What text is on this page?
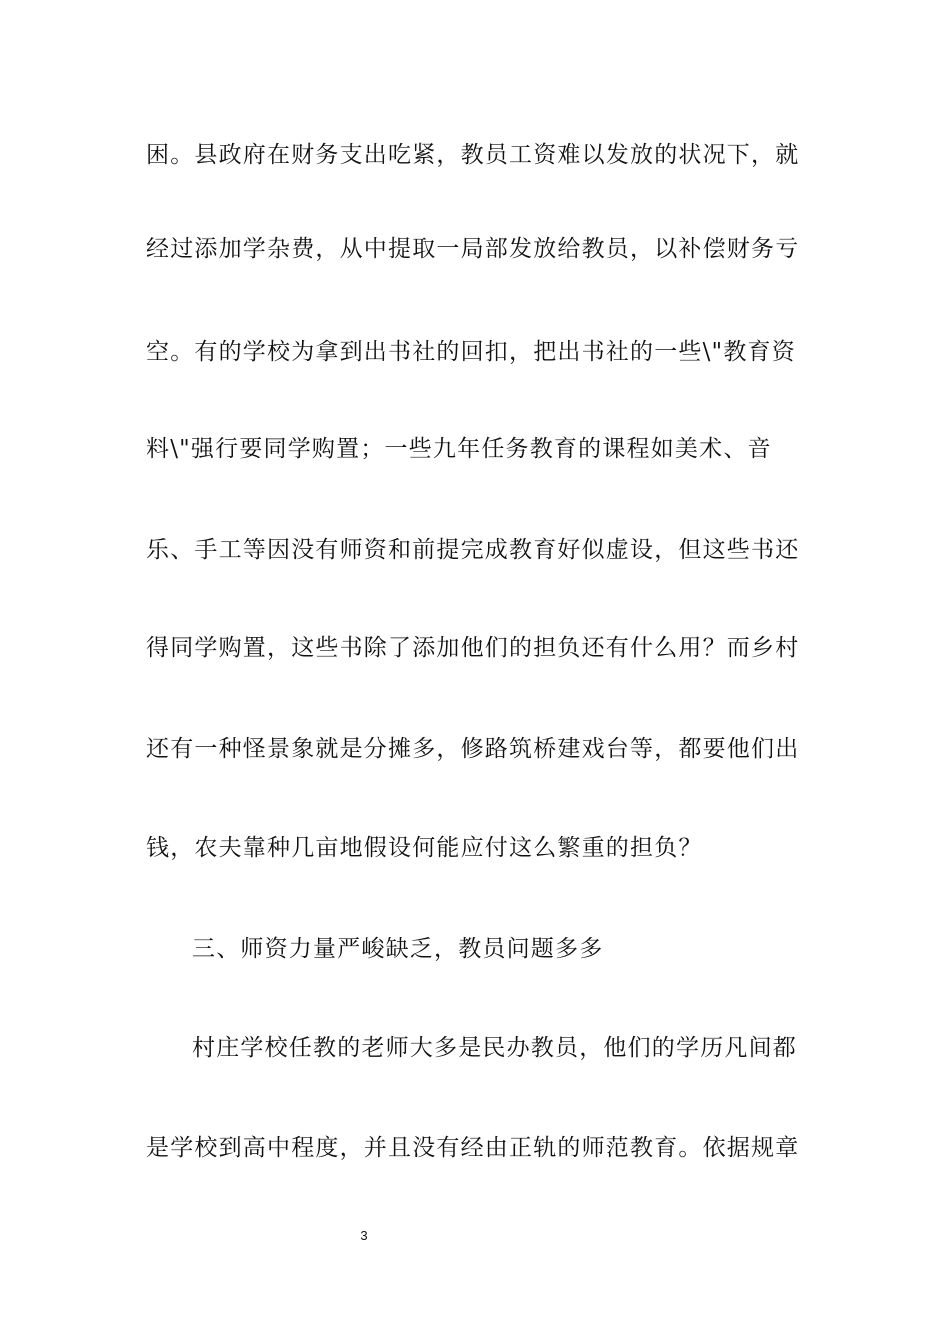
困。县政府在财务支出吃紧，教员工资难以发放的状况下，就

经过添加学杂费，从中提取一局部发放给教员，以补偿财务亏

空。有的学校为拿到出书社的回扣，把出书社的一些\"教育资

料\"强行要同学购置；一些九年任务教育的课程如美术、音

乐、手工等因没有师资和前提完成教育好似虚设，但这些书还

得同学购置，这些书除了添加他们的担负还有什么用？而乡村

还有一种怪景象就是分摊多，修路筑桥建戏台等，都要他们出

钱，农夫靠种几亩地假设何能应付这么繁重的担负？

三、师资力量严峻缺乏，教员问题多多

村庄学校任教的老师大多是民办教员，他们的学历凡间都

是学校到高中程度，并且没有经由正轨的师范教育。依据规章

3
